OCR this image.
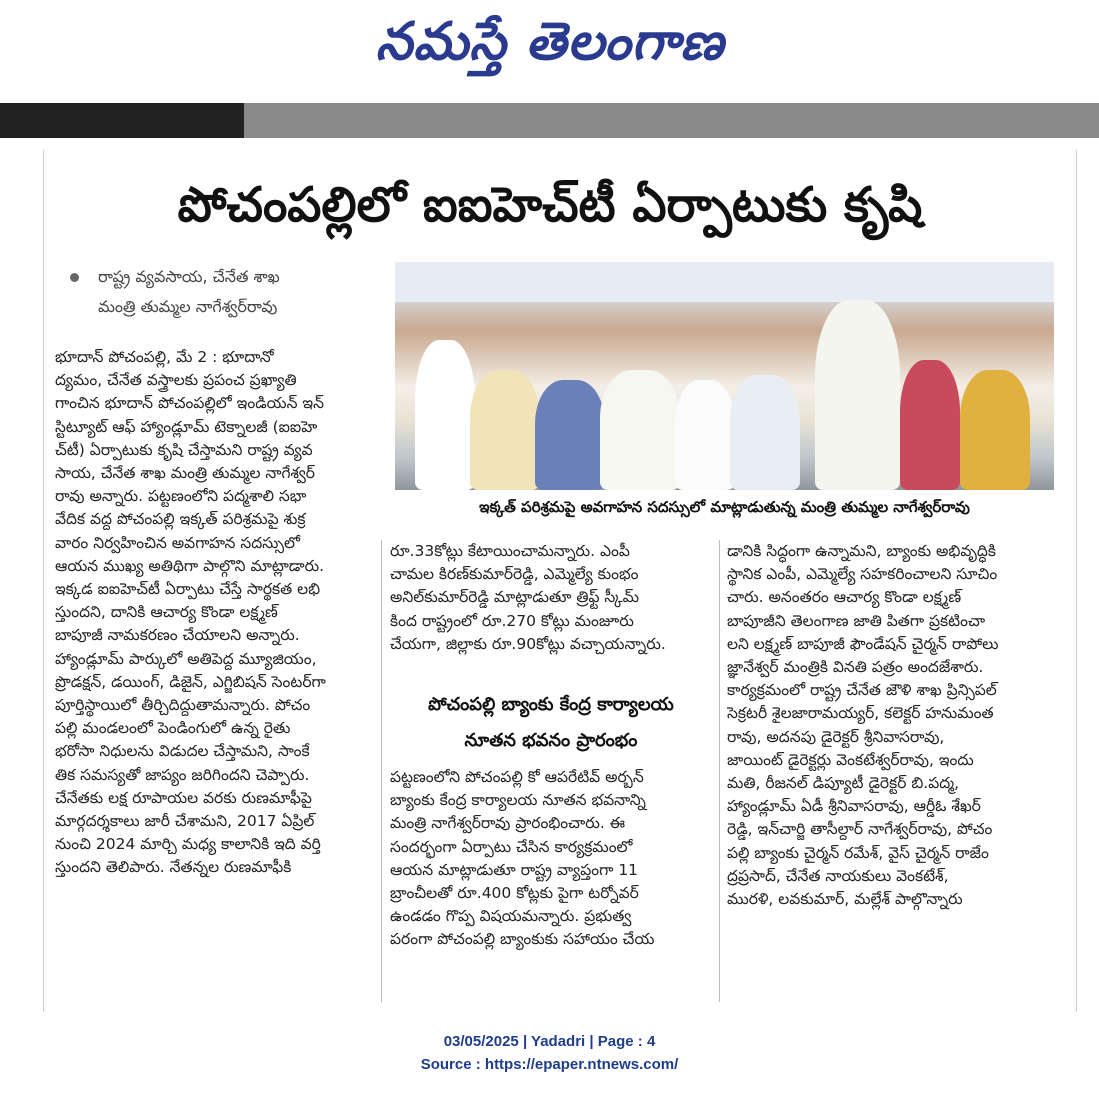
నమస్తే తెలంగాణ
పోచంపల్లిలో ఐఐహెచ్‌టీ ఏర్పాటుకు కృషి
రాష్ట్ర వ్యవసాయ, చేనేత శాఖ
మంత్రి తుమ్మల నాగేశ్వర్‌రావు
ఇక్కత్ పరిశ్రమపై అవగాహన సదస్సులో మాట్లాడుతున్న మంత్రి తుమ్మల నాగేశ్వర్‌రావు

భూదాన్ పోచంపల్లి, మే 2 : భూదానో

ద్యమం, చేనేత వస్త్రాలకు ప్రపంచ ప్రఖ్యాతి

గాంచిన భూదాన్ పోచంపల్లిలో ఇండియన్ ఇన్

స్టిట్యూట్ ఆఫ్ హ్యాండ్లూమ్ టెక్నాలజీ (ఐఐహె

చ్‌టీ) ఏర్పాటుకు కృషి చేస్తామని రాష్ట్ర వ్యవ

సాయ, చేనేత శాఖ మంత్రి తుమ్మల నాగేశ్వర్

రావు అన్నారు. పట్టణంలోని పద్మశాలి సభా

వేదిక వద్ద పోచంపల్లి ఇక్కత్ పరిశ్రమపై శుక్ర

వారం నిర్వహించిన అవగాహన సదస్సులో

ఆయన ముఖ్య అతిథిగా పాల్గొని మాట్లాడారు.

ఇక్కడ ఐఐహెచ్‌టీ ఏర్పాటు చేస్తే సార్థకత లభి

స్తుందని, దానికి ఆచార్య కొండా లక్ష్మణ్

బాపూజీ నామకరణం చేయాలని అన్నారు.

హ్యాండ్లూమ్ పార్కులో అతిపెద్ద మ్యూజియం,

ప్రొడక్షన్, డయింగ్, డిజైన్, ఎగ్జిబిషన్ సెంటర్‌గా

పూర్తిస్థాయిలో తీర్చిదిద్దుతామన్నారు. పోచం

పల్లి మండలంలో పెండింగులో ఉన్న రైతు

భరోసా నిధులను విడుదల చేస్తామని, సాంకే

తిక సమస్యతో జాప్యం జరిగిందని చెప్పారు.

చేనేతకు లక్ష రూపాయల వరకు రుణమాఫీపై

మార్గదర్శకాలు జారీ చేశామని, 2017 ఏప్రిల్

నుంచి 2024 మార్చి మధ్య కాలానికి ఇది వర్తి

స్తుందని తెలిపారు. నేతన్నల రుణమాఫీకి

రూ.33కోట్లు కేటాయించామన్నారు. ఎంపీ

చామల కిరణ్‌కుమార్‌రెడ్డి, ఎమ్మెల్యే కుంభం

అనిల్‌కుమార్‌రెడ్డి మాట్లాడుతూ త్రిఫ్ట్ స్కీమ్

కింద రాష్ట్రంలో రూ.270 కోట్లు మంజూరు

చేయగా, జిల్లాకు రూ.90కోట్లు వచ్చాయన్నారు.

పోచంపల్లి బ్యాంకు కేంద్ర కార్యాలయ
నూతన భవనం ప్రారంభం

పట్టణంలోని పోచంపల్లి కో ఆపరేటివ్ అర్బన్

బ్యాంకు కేంద్ర కార్యాలయ నూతన భవనాన్ని

మంత్రి నాగేశ్వర్‌రావు ప్రారంభించారు. ఈ

సందర్భంగా ఏర్పాటు చేసిన కార్యక్రమంలో

ఆయన మాట్లాడుతూ రాష్ట్ర వ్యాప్తంగా 11

బ్రాంచీలతో రూ.400 కోట్లకు పైగా టర్నోవర్

ఉండడం గొప్ప విషయమన్నారు. ప్రభుత్వ

పరంగా పోచంపల్లి బ్యాంకుకు సహాయం చేయ

డానికి సిద్ధంగా ఉన్నామని, బ్యాంకు అభివృద్ధికి

స్థానిక ఎంపీ, ఎమ్మెల్యే సహకరించాలని సూచిం

చారు. అనంతరం ఆచార్య కొండా లక్ష్మణ్

బాపూజీని తెలంగాణ జాతి పితగా ప్రకటించా

లని లక్ష్మణ్ బాపూజీ ఫౌండేషన్ చైర్మన్ రాపోలు

జ్ఞానేశ్వర్ మంత్రికి వినతి పత్రం అందజేశారు.

కార్యక్రమంలో రాష్ట్ర చేనేత జౌళి శాఖ ప్రిన్సిపల్

సెక్రటరీ శైలజారామయ్యర్, కలెక్టర్ హనుమంత

రావు, అదనపు డైరెక్టర్ శ్రీనివాసరావు,

జాయింట్ డైరెక్టర్లు వెంకటేశ్వర్‌రావు, ఇందు

మతి, రీజనల్ డిప్యూటీ డైరెక్టర్ బి.పద్మ,

హ్యాండ్లూమ్ ఏడీ శ్రీనివాసరావు, ఆర్డీఓ శేఖర్

రెడ్డి, ఇన్‌చార్జి తాసీల్దార్ నాగేశ్వర్‌రావు, పోచం

పల్లి బ్యాంకు చైర్మన్ రమేశ్, వైస్ చైర్మన్ రాజేం

ద్రప్రసాద్, చేనేత నాయకులు వెంకటేశ్,

మురళి, లవకుమార్, మల్లేశ్ పాల్గొన్నారు

03/05/2025 | Yadadri | Page : 4
Source : https://epaper.ntnews.com/
